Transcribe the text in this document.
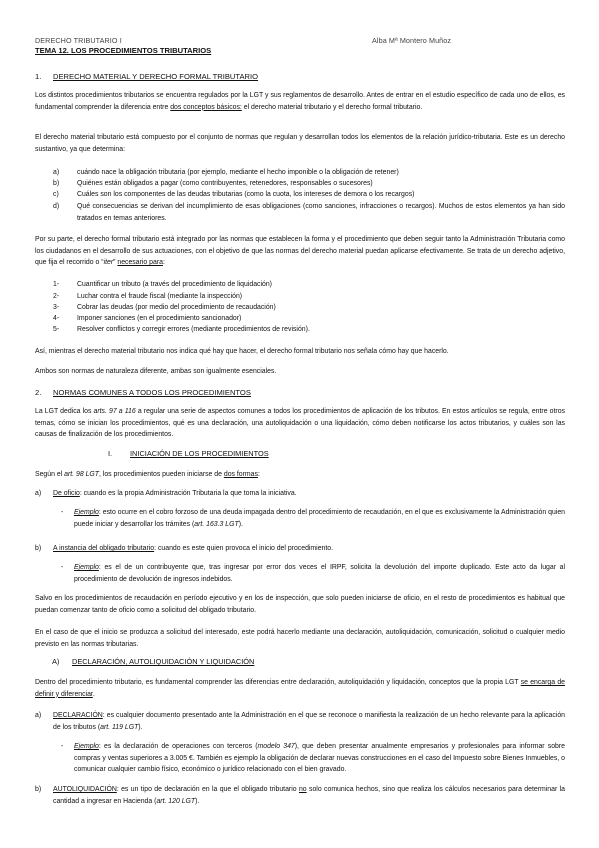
DERECHO TRIBUTARIO I	Alba Mª Montero Muñoz
TEMA 12. LOS PROCEDIMIENTOS TRIBUTARIOS
1. DERECHO MATERIAL Y DERECHO FORMAL TRIBUTARIO
Los distintos procedimientos tributarios se encuentra regulados por la LGT y sus reglamentos de desarrollo. Antes de entrar en el estudio específico de cada uno de ellos, es fundamental comprender la diferencia entre dos conceptos básicos: el derecho material tributario y el derecho formal tributario.
El derecho material tributario está compuesto por el conjunto de normas que regulan y desarrollan todos los elementos de la relación jurídico-tributaria. Este es un derecho sustantivo, ya que determina:
a)	cuándo nace la obligación tributaria (por ejemplo, mediante el hecho imponible o la obligación de retener)
b)	Quiénes están obligados a pagar (como contribuyentes, retenedores, responsables o sucesores)
c)	Cuáles son los componentes de las deudas tributarias (como la cuota, los intereses de demora o los recargos)
d)	Qué consecuencias se derivan del incumplimiento de esas obligaciones (como sanciones, infracciones o recargos). Muchos de estos elementos ya han sido tratados en temas anteriores.
Por su parte, el derecho formal tributario está integrado por las normas que establecen la forma y el procedimiento que deben seguir tanto la Administración Tributaria como los ciudadanos en el desarrollo de sus actuaciones, con el objetivo de que las normas del derecho material puedan aplicarse efectivamente. Se trata de un derecho adjetivo, que fija el recorrido o “iter” necesario para:
1-	Cuantificar un tributo (a través del procedimiento de liquidación)
2-	Luchar contra el fraude fiscal (mediante la inspección)
3-	Cobrar las deudas (por medio del procedimiento de recaudación)
4-	Imponer sanciones (en el procedimiento sancionador)
5-	Resolver conflictos y corregir errores (mediante procedimientos de revisión).
Así, mientras el derecho material tributario nos indica qué hay que hacer, el derecho formal tributario nos señala cómo hay que hacerlo.
Ambos son normas de naturaleza diferente, ambas son igualmente esenciales.
2. NORMAS COMUNES A TODOS LOS PROCEDIMIENTOS
La LGT dedica los arts. 97 a 116 a regular una serie de aspectos comunes a todos los procedimientos de aplicación de los tributos. En estos artículos se regula, entre otros temas, cómo se inician los procedimientos, qué es una declaración, una autoliquidación o una liquidación, cómo deben notificarse los actos tributarios, y cuáles son las causas de finalización de los procedimientos.
I. INICIACIÓN DE LOS PROCEDIMIENTOS
Según el art. 98 LGT, los procedimientos pueden iniciarse de dos formas:
a) De oficio: cuando es la propia Administración Tributaria la que toma la iniciativa.
- Ejemplo: esto ocurre en el cobro forzoso de una deuda impagada dentro del procedimiento de recaudación, en el que es exclusivamente la Administración quien puede iniciar y desarrollar los trámites (art. 163.3 LGT).
b) A instancia del obligado tributario: cuando es este quien provoca el inicio del procedimiento.
- Ejemplo: es el de un contribuyente que, tras ingresar por error dos veces el IRPF, solicita la devolución del importe duplicado. Este acto da lugar al procedimiento de devolución de ingresos indebidos.
Salvo en los procedimientos de recaudación en período ejecutivo y en los de inspección, que solo pueden iniciarse de oficio, en el resto de procedimientos es habitual que puedan comenzar tanto de oficio como a solicitud del obligado tributario.
En el caso de que el inicio se produzca a solicitud del interesado, este podrá hacerlo mediante una declaración, autoliquidación, comunicación, solicitud o cualquier medio previsto en las normas tributarias.
A) DECLARACIÓN, AUTOLIQUIDACIÓN Y LIQUIDACIÓN
Dentro del procedimiento tributario, es fundamental comprender las diferencias entre declaración, autoliquidación y liquidación, conceptos que la propia LGT se encarga de definir y diferenciar.
a) DECLARACIÓN: es cualquier documento presentado ante la Administración en el que se reconoce o manifiesta la realización de un hecho relevante para la aplicación de los tributos (art. 119 LGT).
- Ejemplo: es la declaración de operaciones con terceros (modelo 347), que deben presentar anualmente empresarios y profesionales para informar sobre compras y ventas superiores a 3.005 €. También es ejemplo la obligación de declarar nuevas construcciones en el caso del Impuesto sobre Bienes Inmuebles, o comunicar cualquier cambio físico, económico o jurídico relacionado con el bien gravado.
b) AUTOLIQUIDACIÓN: es un tipo de declaración en la que el obligado tributario no solo comunica hechos, sino que realiza los cálculos necesarios para determinar la cantidad a ingresar en Hacienda (art. 120 LGT).
